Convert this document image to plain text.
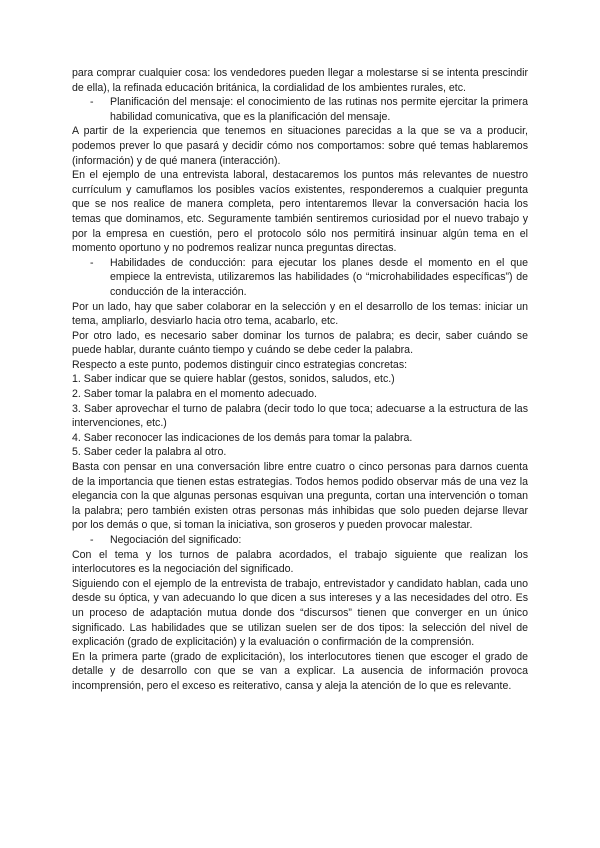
para comprar cualquier cosa: los vendedores pueden llegar a molestarse si se intenta prescindir de ella), la refinada educación británica, la cordialidad de los ambientes rurales, etc.

-	Planificación del mensaje: el conocimiento de las rutinas nos permite ejercitar la primera habilidad comunicativa, que es la planificación del mensaje.

A partir de la experiencia que tenemos en situaciones parecidas a la que se va a producir, podemos prever lo que pasará y decidir cómo nos comportamos: sobre qué temas hablaremos (información) y de qué manera (interacción).

En el ejemplo de una entrevista laboral, destacaremos los puntos más relevantes de nuestro currículum y camuflamos los posibles vacíos existentes, responderemos a cualquier pregunta que se nos realice de manera completa, pero intentaremos llevar la conversación hacia los temas que dominamos, etc. Seguramente también sentiremos curiosidad por el nuevo trabajo y por la empresa en cuestión, pero el protocolo sólo nos permitirá insinuar algún tema en el momento oportuno y no podremos realizar nunca preguntas directas.

-	Habilidades de conducción: para ejecutar los planes desde el momento en el que empiece la entrevista, utilizaremos las habilidades (o “microhabilidades específicas”) de conducción de la interacción.

Por un lado, hay que saber colaborar en la selección y en el desarrollo de los temas: iniciar un tema, ampliarlo, desviarlo hacia otro tema, acabarlo, etc.

Por otro lado, es necesario saber dominar los turnos de palabra; es decir, saber cuándo se puede hablar, durante cuánto tiempo y cuándo se debe ceder la palabra.

Respecto a este punto, podemos distinguir cinco estrategias concretas:

1. Saber indicar que se quiere hablar (gestos, sonidos, saludos, etc.)

2. Saber tomar la palabra en el momento adecuado.

3. Saber aprovechar el turno de palabra (decir todo lo que toca; adecuarse a la estructura de las intervenciones, etc.)

4. Saber reconocer las indicaciones de los demás para tomar la palabra.

5. Saber ceder la palabra al otro.

Basta con pensar en una conversación libre entre cuatro o cinco personas para darnos cuenta de la importancia que tienen estas estrategias. Todos hemos podido observar más de una vez la elegancia con la que algunas personas esquivan una pregunta, cortan una intervención o toman la palabra; pero también existen otras personas más inhibidas que solo pueden dejarse llevar por los demás o que, si toman la iniciativa, son groseros y pueden provocar malestar.

-	Negociación del significado:

Con el tema y los turnos de palabra acordados, el trabajo siguiente que realizan los interlocutores es la negociación del significado.

Siguiendo con el ejemplo de la entrevista de trabajo, entrevistador y candidato hablan, cada uno desde su óptica, y van adecuando lo que dicen a sus intereses y a las necesidades del otro. Es un proceso de adaptación mutua donde dos “discursos” tienen que converger en un único significado. Las habilidades que se utilizan suelen ser de dos tipos: la selección del nivel de explicación (grado de explicitación) y la evaluación o confirmación de la comprensión.

En la primera parte (grado de explicitación), los interlocutores tienen que escoger el grado de detalle y de desarrollo con que se van a explicar. La ausencia de información provoca incomprensión, pero el exceso es reiterativo, cansa y aleja la atención de lo que es relevante.
